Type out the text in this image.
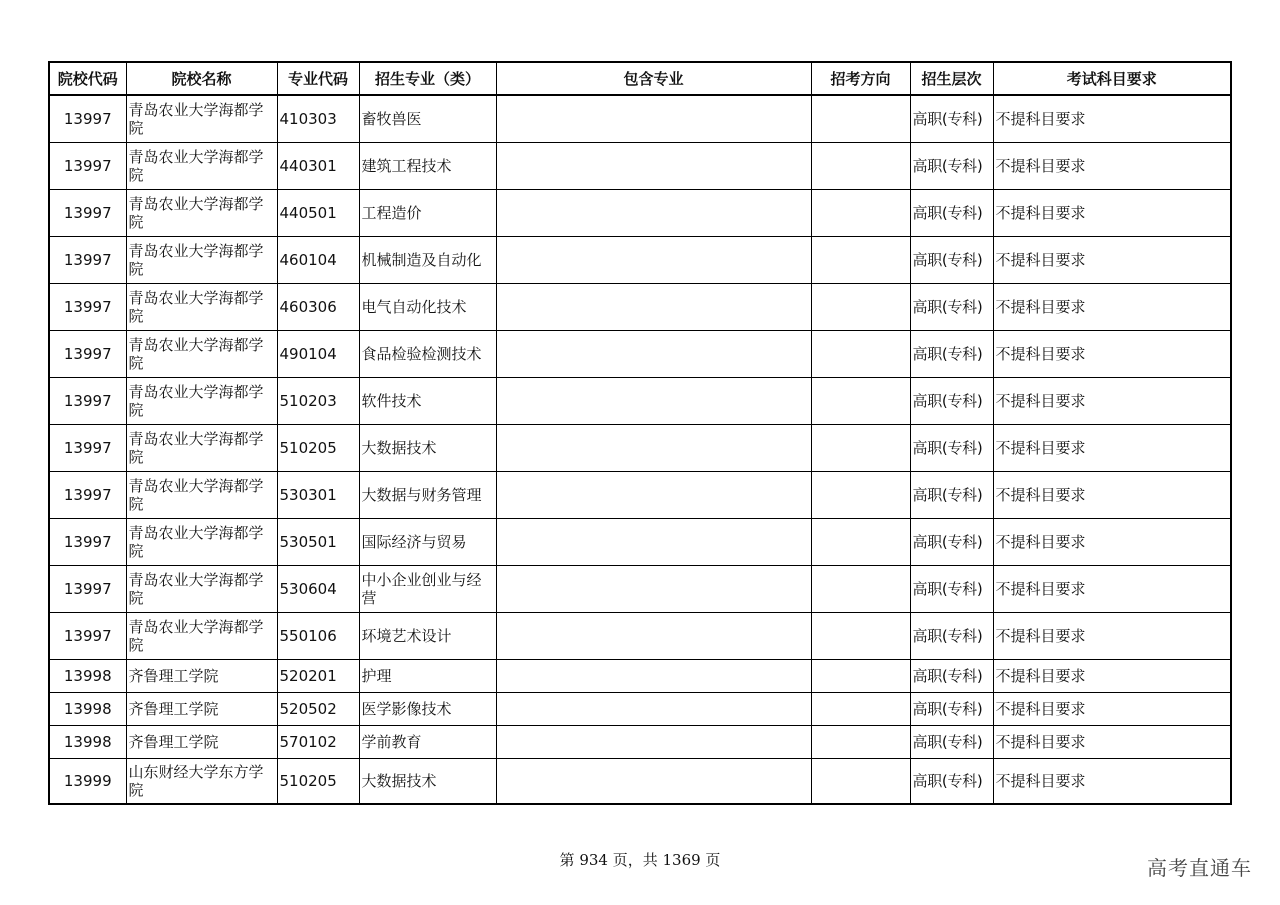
院校代码	院校名称	专业代码	招生专业（类）	包含专业	招考方向	招生层次	考试科目要求
13997	青岛农业大学海都学院	410303	畜牧兽医			高职(专科)	不提科目要求
13997	青岛农业大学海都学院	440301	建筑工程技术			高职(专科)	不提科目要求
13997	青岛农业大学海都学院	440501	工程造价			高职(专科)	不提科目要求
13997	青岛农业大学海都学院	460104	机械制造及自动化			高职(专科)	不提科目要求
13997	青岛农业大学海都学院	460306	电气自动化技术			高职(专科)	不提科目要求
13997	青岛农业大学海都学院	490104	食品检验检测技术			高职(专科)	不提科目要求
13997	青岛农业大学海都学院	510203	软件技术			高职(专科)	不提科目要求
13997	青岛农业大学海都学院	510205	大数据技术			高职(专科)	不提科目要求
13997	青岛农业大学海都学院	530301	大数据与财务管理			高职(专科)	不提科目要求
13997	青岛农业大学海都学院	530501	国际经济与贸易			高职(专科)	不提科目要求
13997	青岛农业大学海都学院	530604	中小企业创业与经营			高职(专科)	不提科目要求
13997	青岛农业大学海都学院	550106	环境艺术设计			高职(专科)	不提科目要求
13998	齐鲁理工学院	520201	护理			高职(专科)	不提科目要求
13998	齐鲁理工学院	520502	医学影像技术			高职(专科)	不提科目要求
13998	齐鲁理工学院	570102	学前教育			高职(专科)	不提科目要求
13999	山东财经大学东方学院	510205	大数据技术			高职(专科)	不提科目要求
第 934 页，共 1369 页	高考直通车
